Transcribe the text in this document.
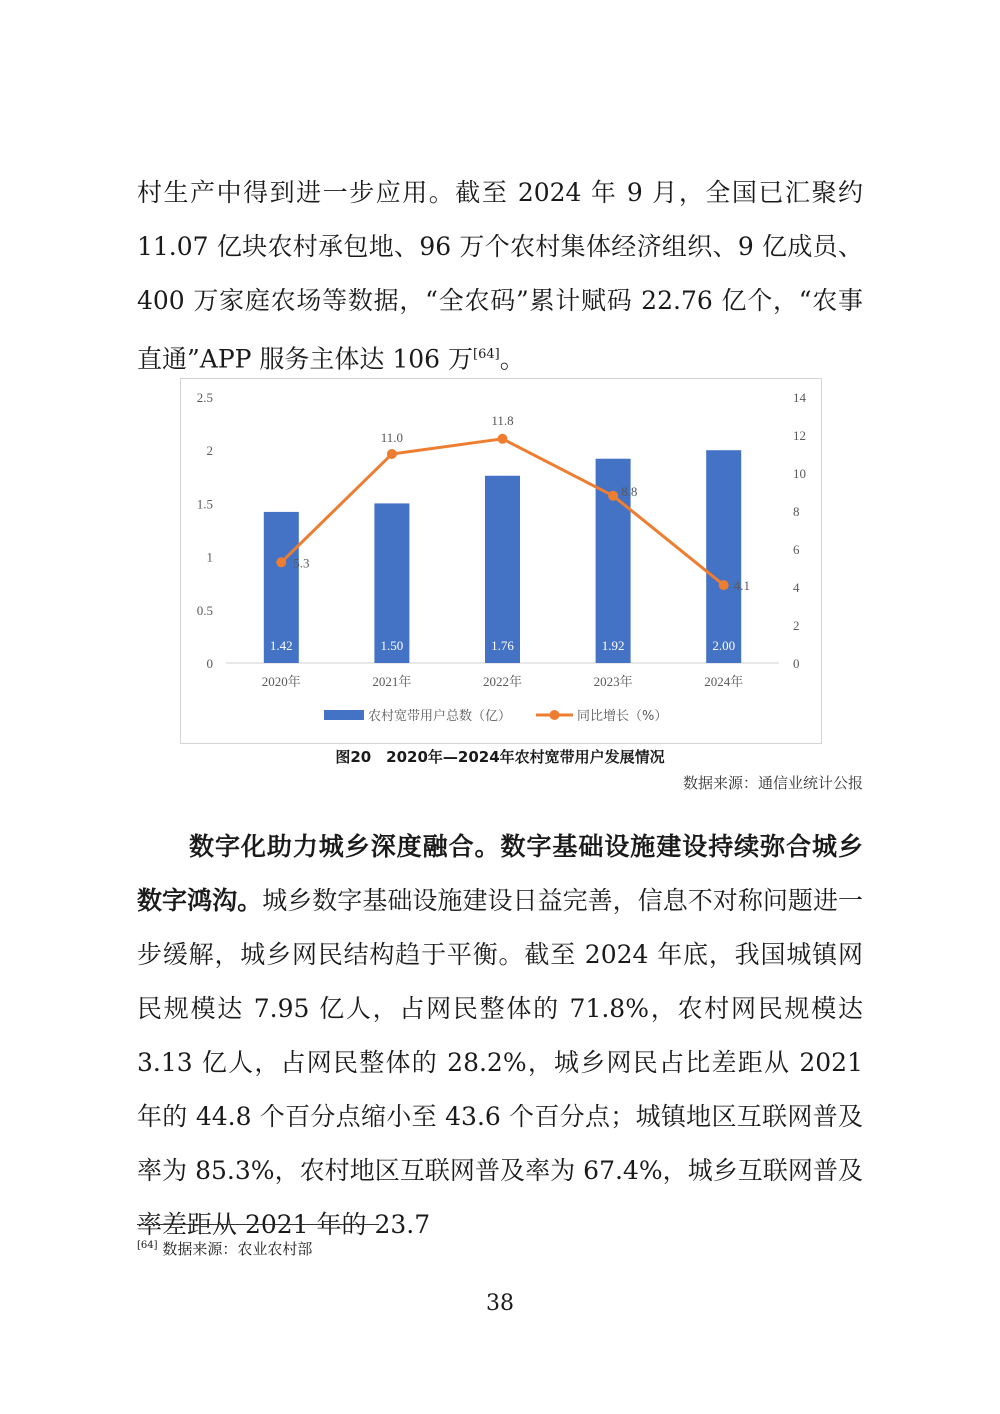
村生产中得到进一步应用。截至 2024 年 9 月，全国已汇聚约 11.07 亿块农村承包地、96 万个农村集体经济组织、9 亿成员、400 万家庭农场等数据，“全农码”累计赋码 22.76 亿个，“农事直通”APP 服务主体达 106 万[64]。
0
0.5
1
1.5
2
2.5
0
2
4
6
8
10
12
14
1.42	1.50	1.76	1.92	2.00
2020年	2021年	2022年	2023年	2024年
5.3
11.0
11.8
8.8
4.1
农村宽带用户总数（亿）	同比增长（%）
图20　2020年—2024年农村宽带用户发展情况
数据来源：通信业统计公报
数字化助力城乡深度融合。数字基础设施建设持续弥合城乡数字鸿沟。城乡数字基础设施建设日益完善，信息不对称问题进一步缓解，城乡网民结构趋于平衡。截至 2024 年底，我国城镇网民规模达 7.95 亿人，占网民整体的 71.8%，农村网民规模达 3.13 亿人，占网民整体的 28.2%，城乡网民占比差距从 2021 年的 44.8 个百分点缩小至 43.6 个百分点；城镇地区互联网普及率为 85.3%，农村地区互联网普及率为 67.4%，城乡互联网普及率差距从 2021 年的 23.7
[64] 数据来源：农业农村部
38
